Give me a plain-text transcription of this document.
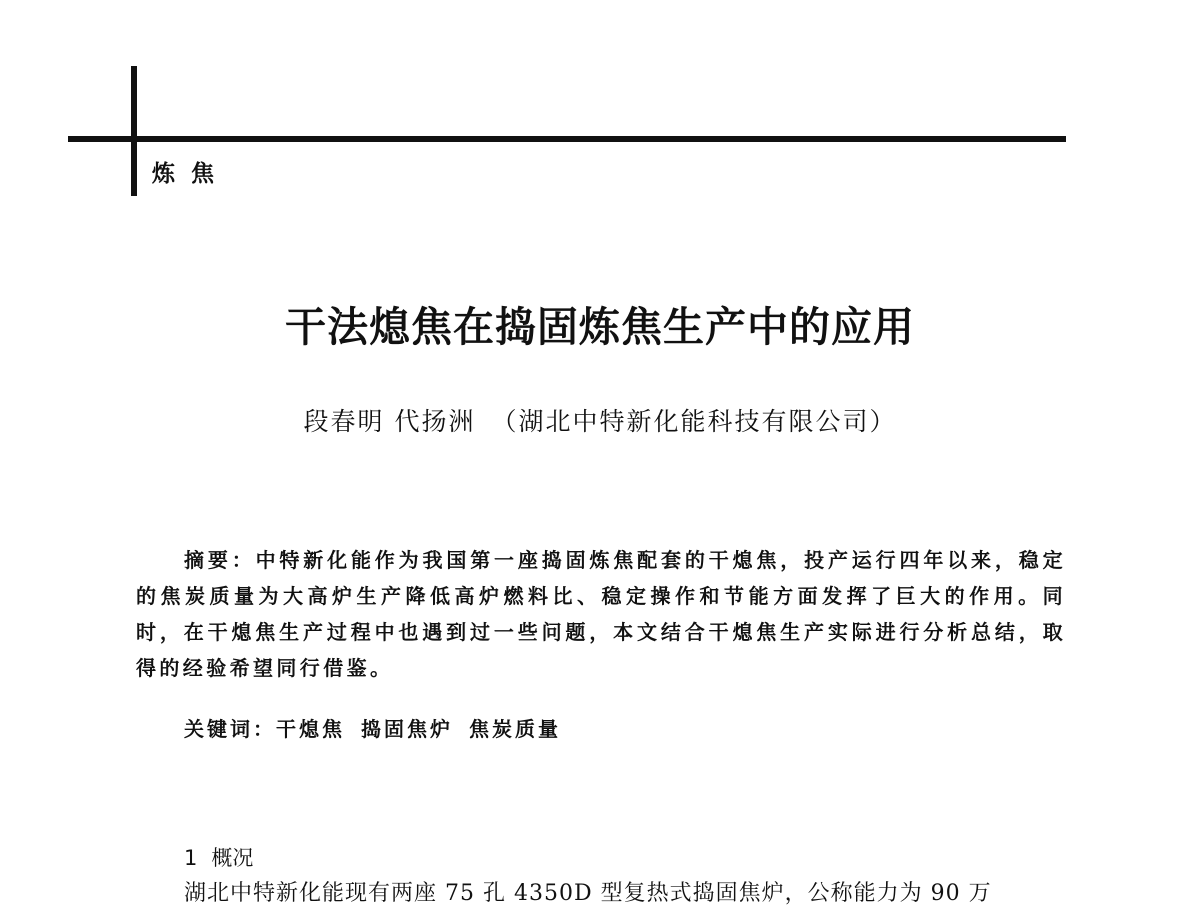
炼 焦
干法熄焦在捣固炼焦生产中的应用
段春明 代扬洲 （湖北中特新化能科技有限公司）

摘要：中特新化能作为我国第一座捣固炼焦配套的干熄焦，投产运行四年以来，稳定的焦炭质量为大高炉生产降低高炉燃料比、稳定操作和节能方面发挥了巨大的作用。同时，在干熄焦生产过程中也遇到过一些问题，本文结合干熄焦生产实际进行分析总结，取得的经验希望同行借鉴。

关键词：干熄焦 捣固焦炉 焦炭质量
1 概况
湖北中特新化能现有两座 75 孔 4350D 型复热式捣固焦炉，公称能力为 90 万
